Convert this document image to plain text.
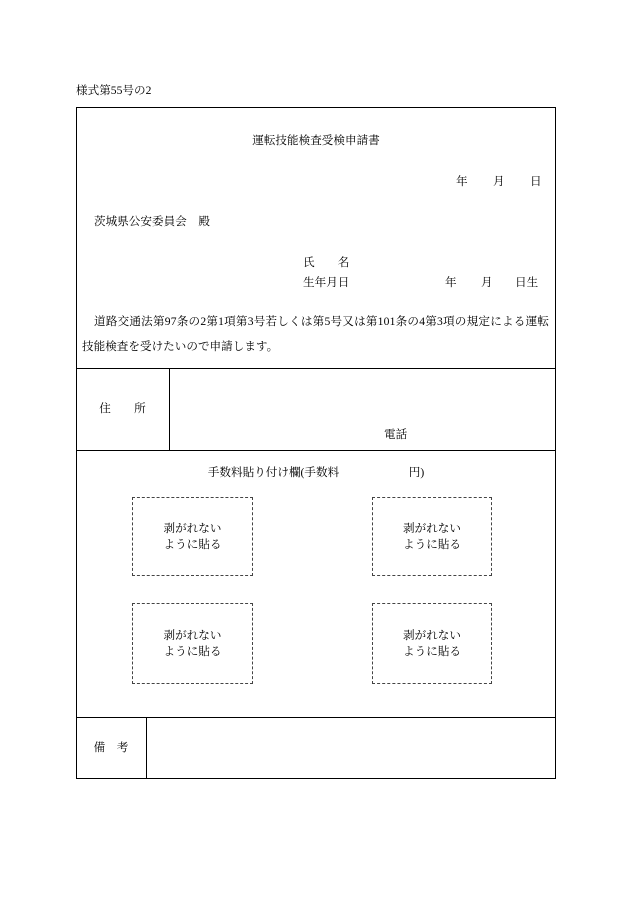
様式第55号の2
運転技能検査受検申請書
年 月 日
茨城県公安委員会　殿
氏　　名
生年月日	年 月 日生
道路交通法第97条の2第1項第3号若しくは第5号又は第101条の4第3項の規定による運転
技能検査を受けたいので申請します。
住　　所
電話
手数料貼り付け欄(手数料　　　　　　円)
剥がれない
ように貼る
剥がれない
ように貼る
剥がれない
ように貼る
剥がれない
ように貼る
備　考
